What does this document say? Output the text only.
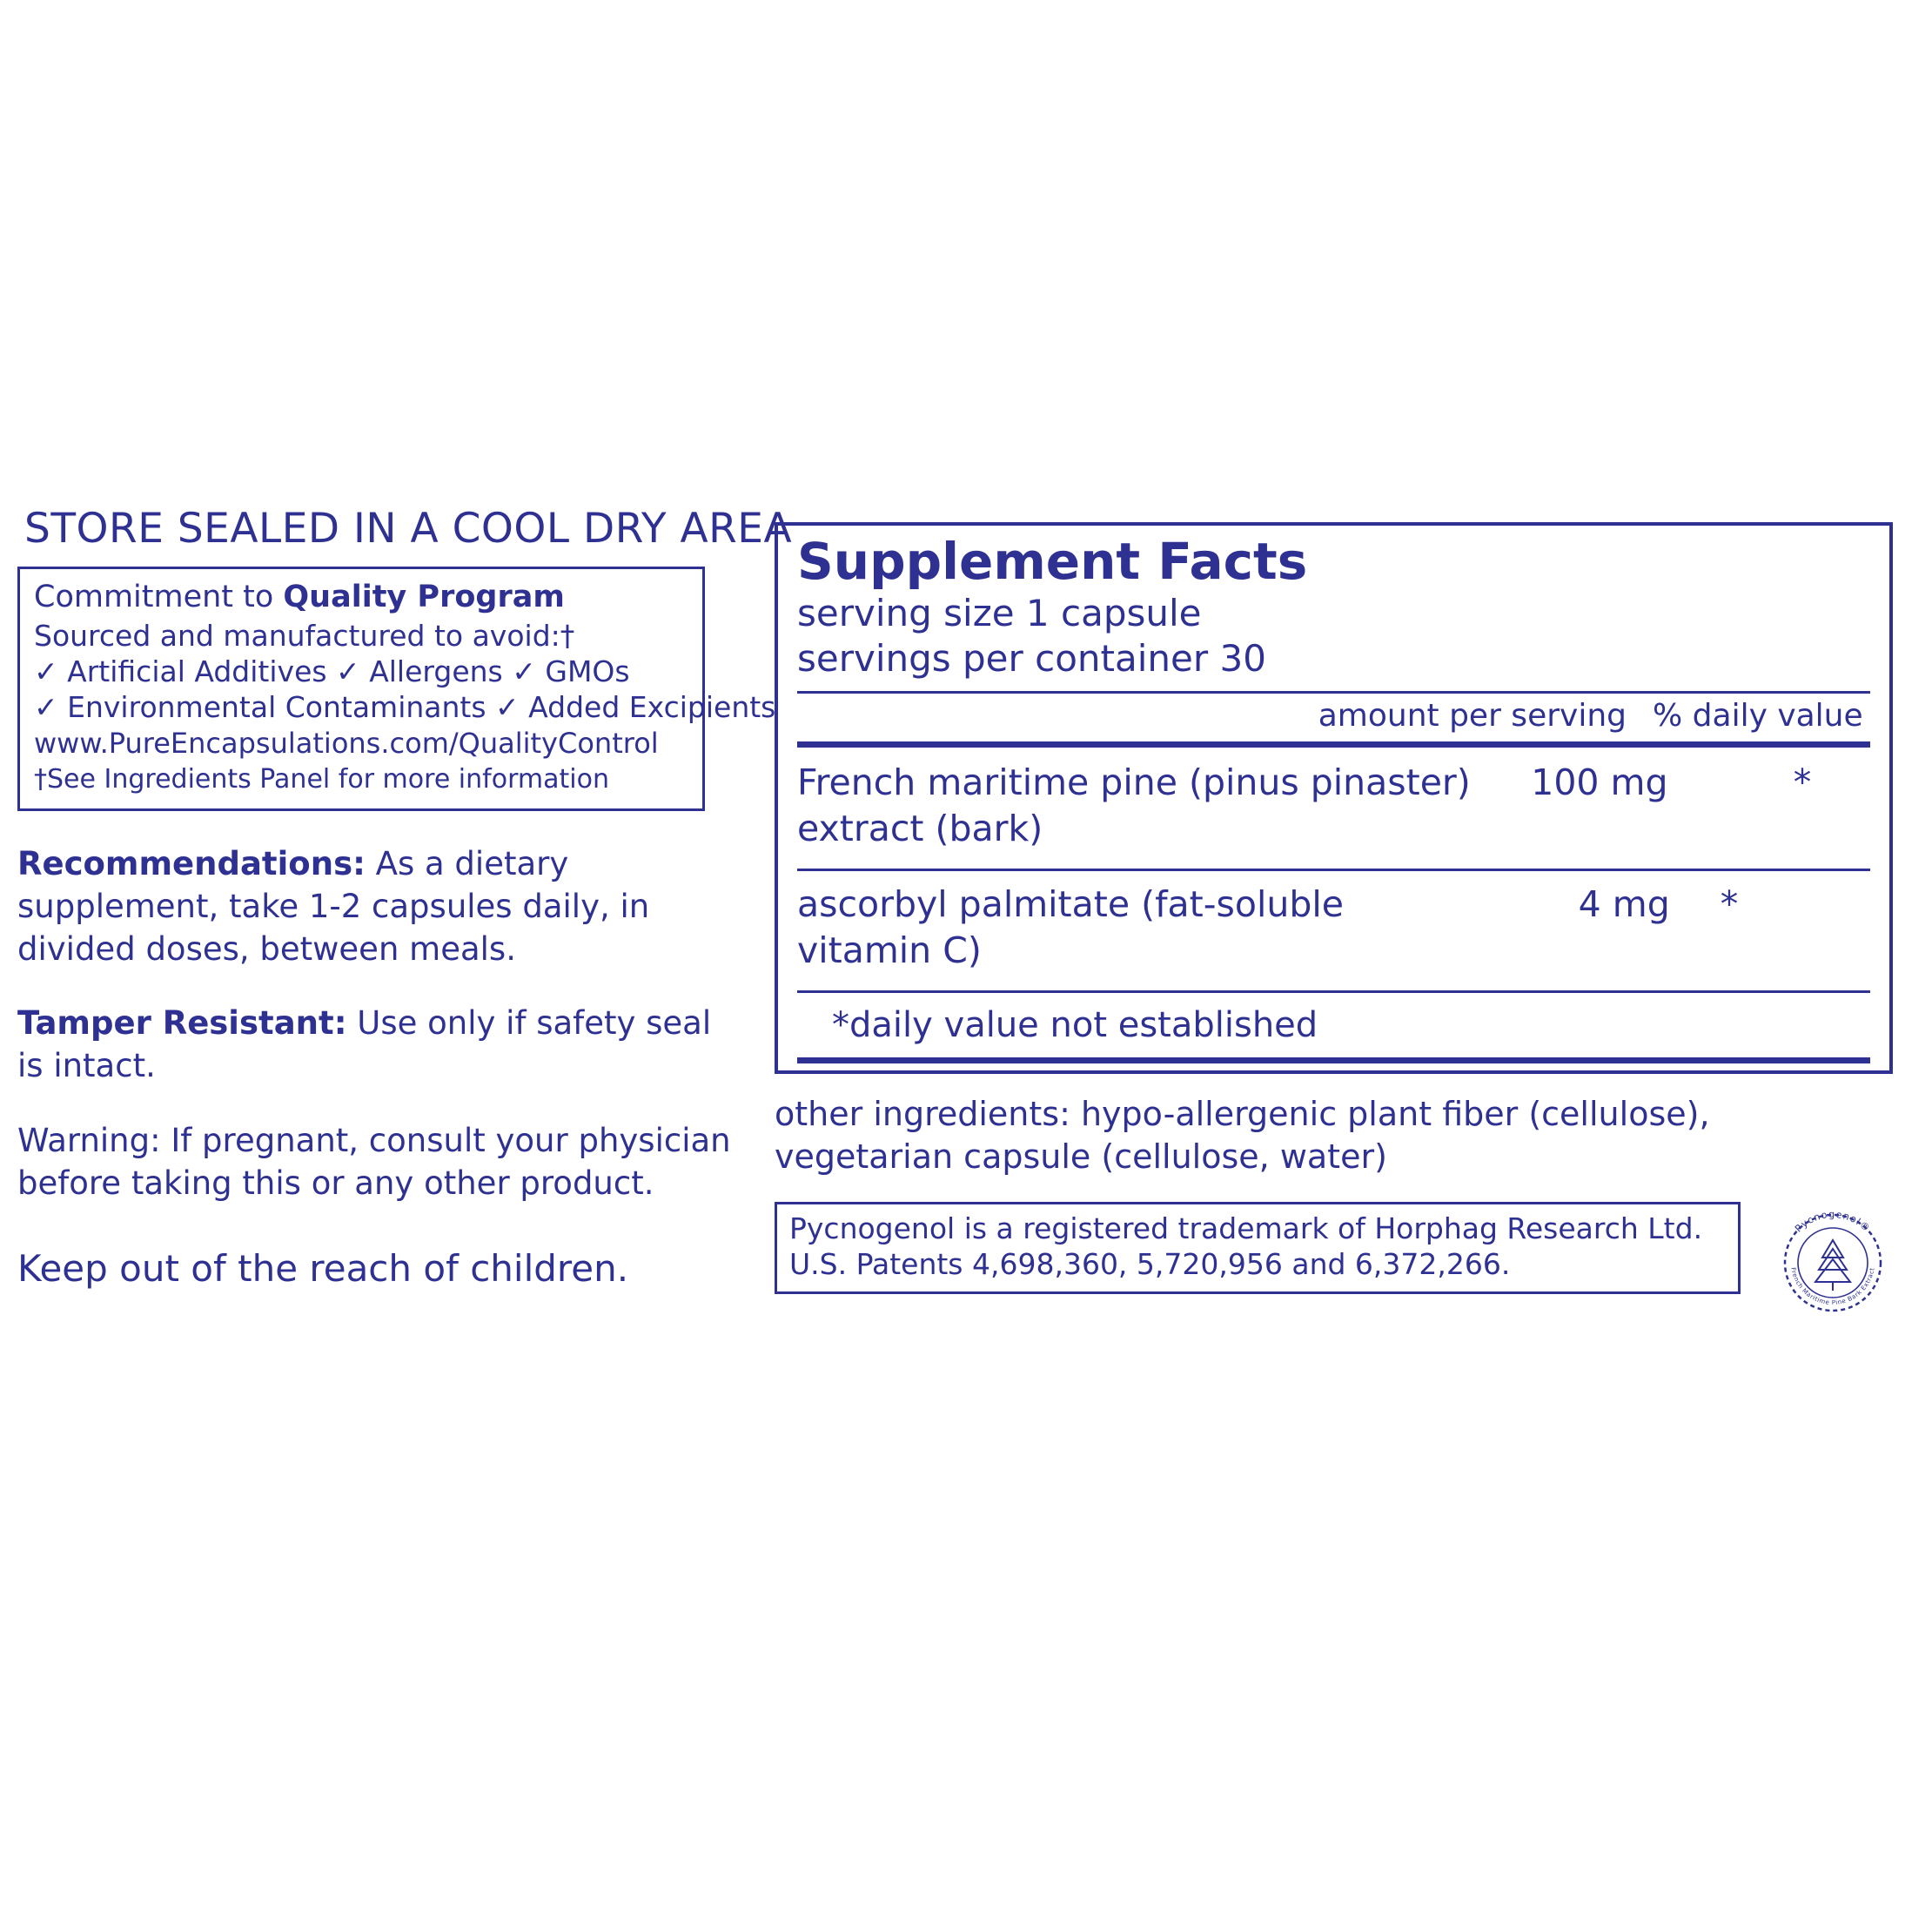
STORE SEALED IN A COOL DRY AREA
Commitment to Quality Program
Sourced and manufactured to avoid:†
✓ Artificial Additives ✓ Allergens ✓ GMOs
✓ Environmental Contaminants ✓ Added Excipients
www.PureEncapsulations.com/QualityControl
†See Ingredients Panel for more information
Recommendations: As a dietary supplement, take 1-2 capsules daily, in divided doses, between meals.
Tamper Resistant: Use only if safety seal is intact.
Warning: If pregnant, consult your physician before taking this or any other product.
Keep out of the reach of children.
Supplement Facts
serving size 1 capsule
servings per container 30
amount per serving % daily value
French maritime pine (pinus pinaster) extract (bark)
100 mg	*
ascorbyl palmitate (fat-soluble vitamin C)
4 mg	*
*daily value not established
other ingredients: hypo-allergenic plant fiber (cellulose), vegetarian capsule (cellulose, water)
Pycnogenol is a registered trademark of Horphag Research Ltd. U.S. Patents 4,698,360, 5,720,956 and 6,372,266.
Pycnogenol®
French Maritime Pine Bark Extract
